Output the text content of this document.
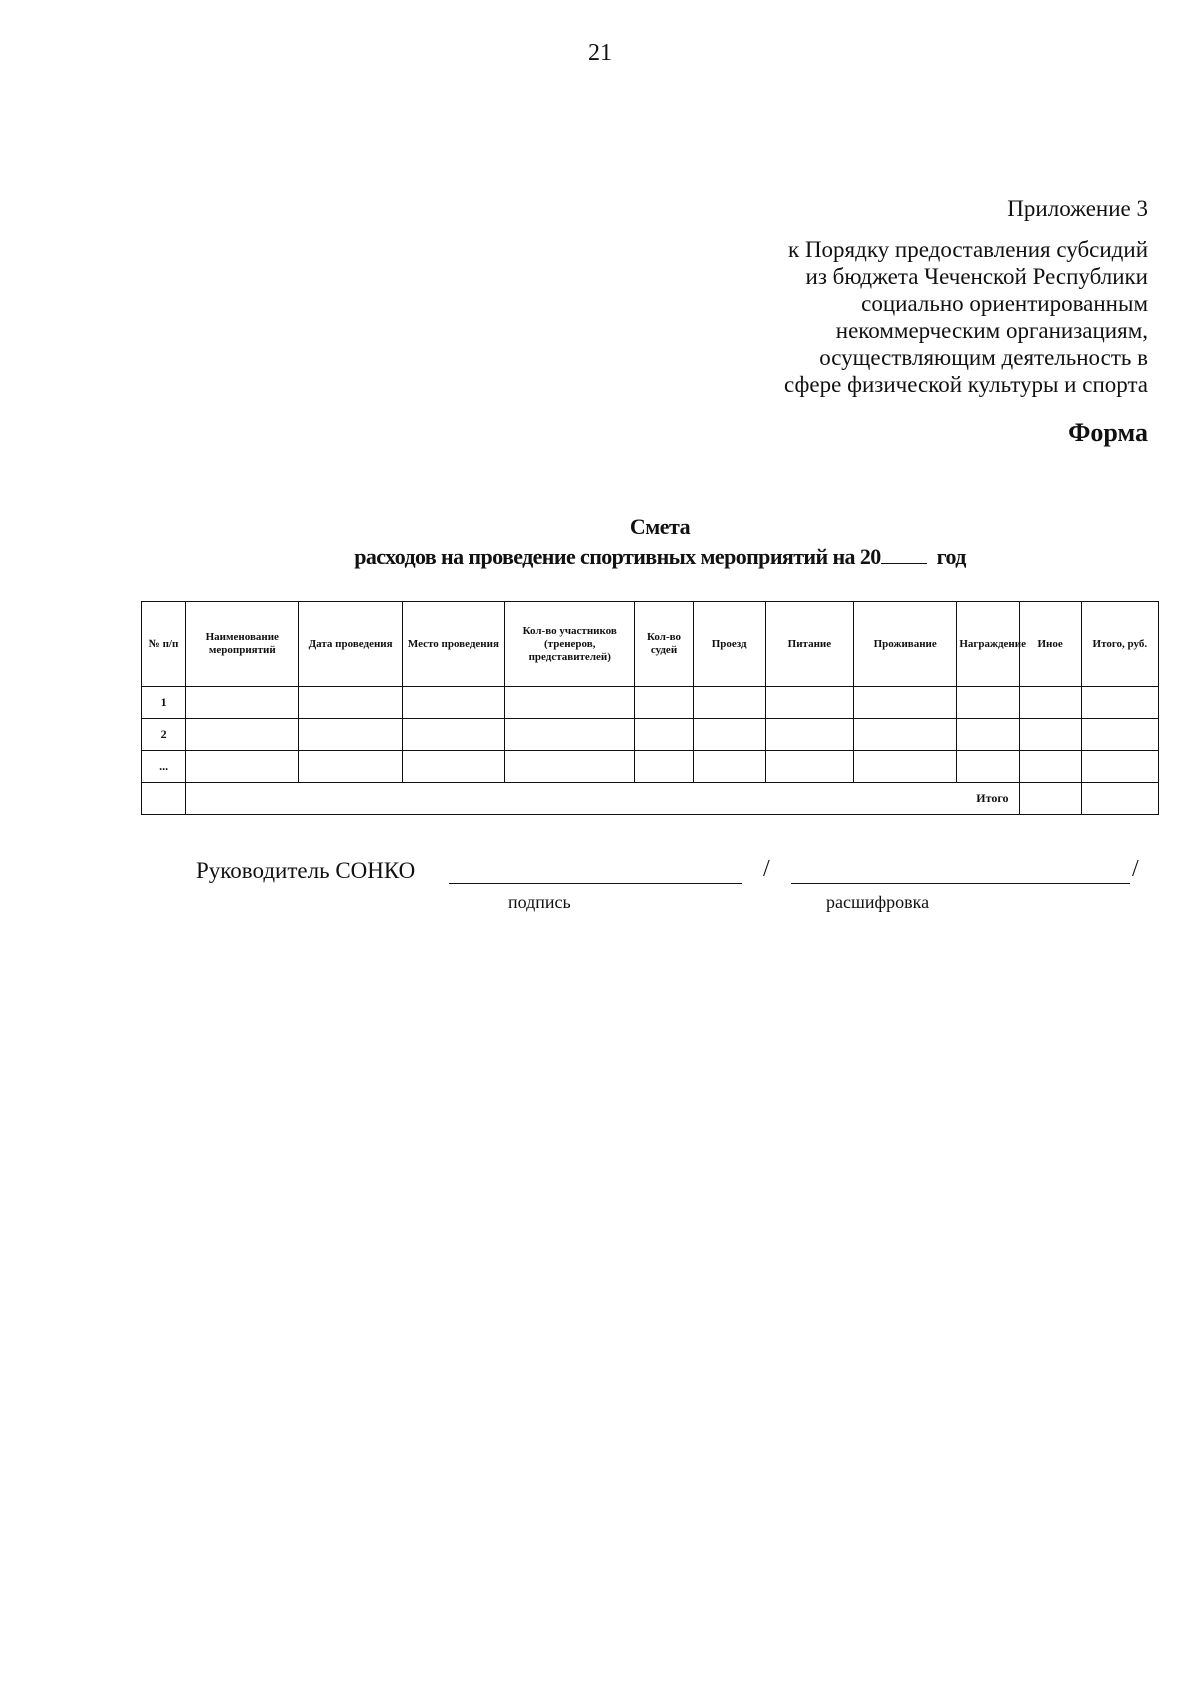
21
Приложение 3
к Порядку предоставления субсидий
из бюджета Чеченской Республики
социально ориентированным
некоммерческим организациям,
осуществляющим деятельность в
сфере физической культуры и спорта
Форма
Смета
расходов на проведение спортивных мероприятий на 20	год
№ п/п	Наименование мероприятий	Дата проведения	Место проведения	Кол-во участников (тренеров, представителей)	Кол-во судей	Проезд	Питание	Проживание	Награждение	Иное	Итого, руб.
1											
2											
...											
	Итого										
Руководитель СОНКО	/	/
подпись	расшифровка
